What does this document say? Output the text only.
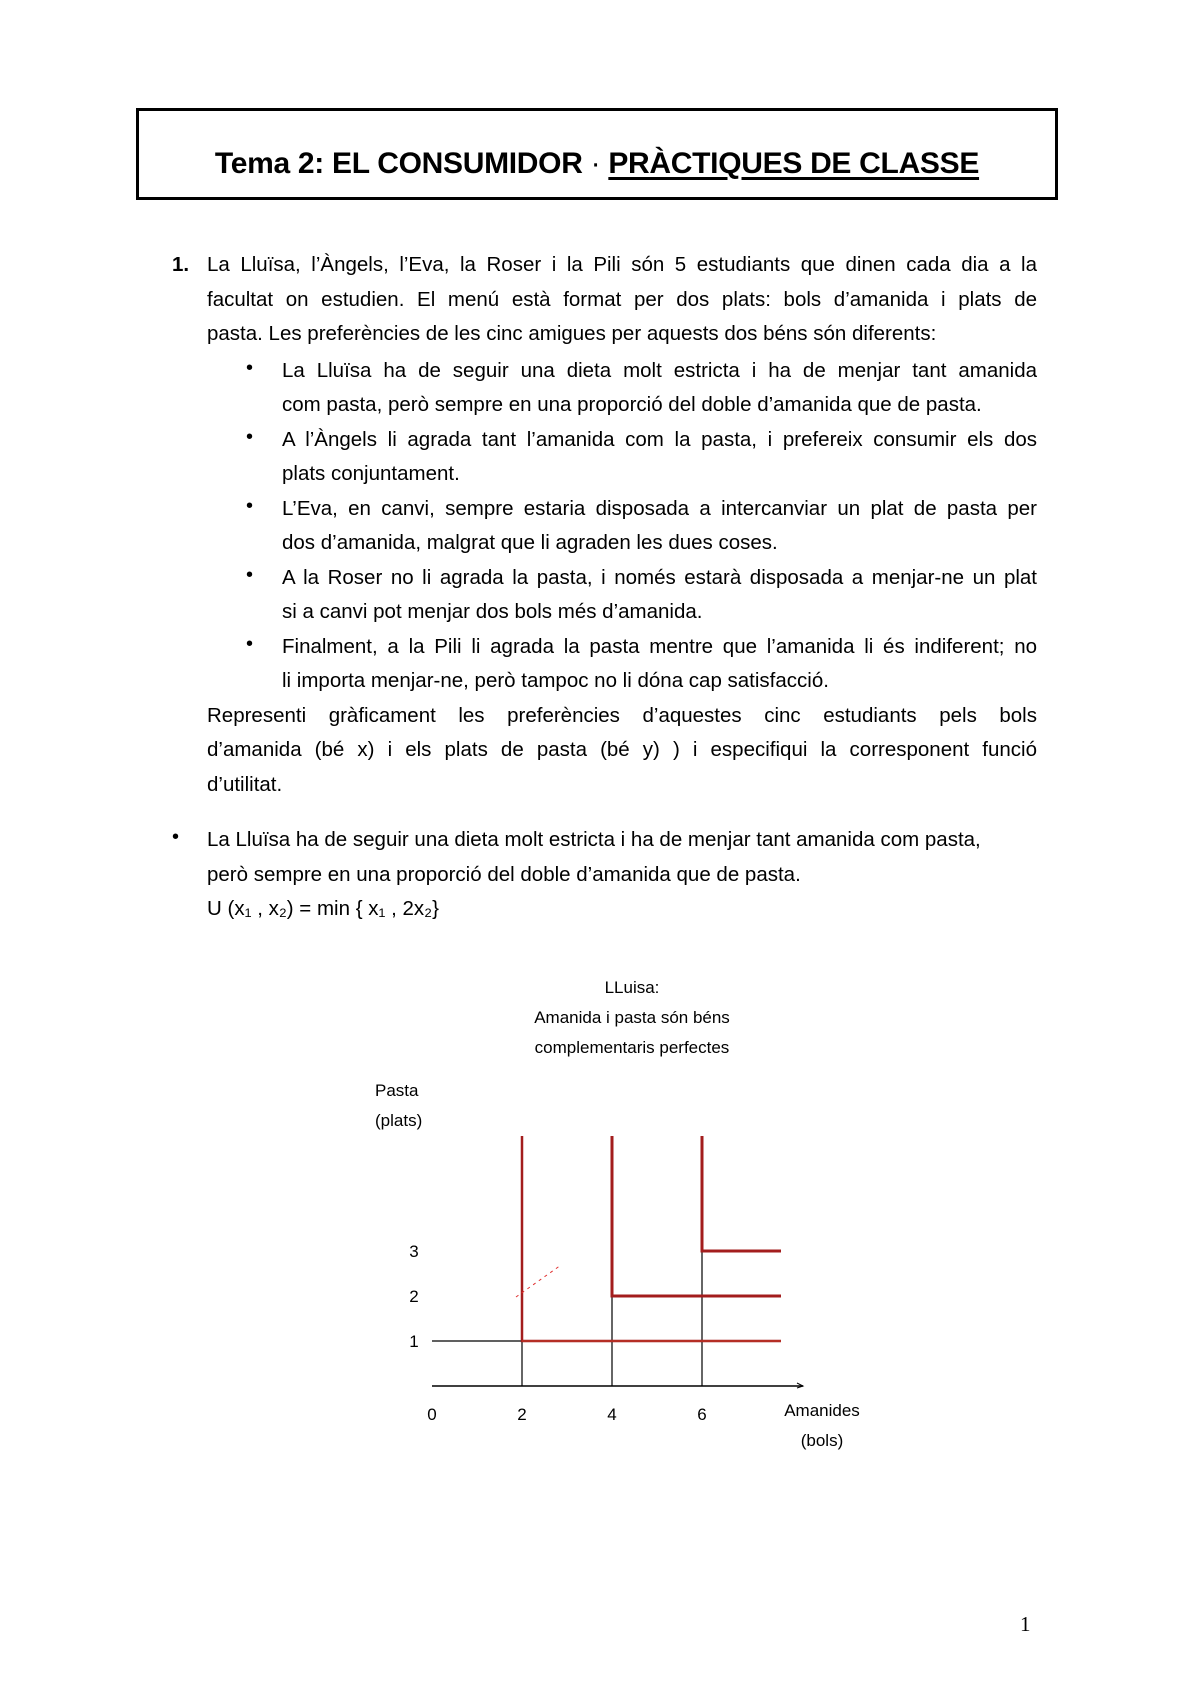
Tema 2: EL CONSUMIDOR · PRÀCTIQUES DE CLASSE
1. La Lluïsa, l’Àngels, l’Eva, la Roser i la Pili són 5 estudiants que dinen cada dia a la
facultat on estudien. El menú està format per dos plats: bols d’amanida i plats de
pasta. Les preferències de les cinc amigues per aquests dos béns són diferents:
• La Lluïsa ha de seguir una dieta molt estricta i ha de menjar tant amanida
com pasta, però sempre en una proporció del doble d’amanida que de pasta.
• A l’Àngels li agrada tant l’amanida com la pasta, i prefereix consumir els dos
plats conjuntament.
• L’Eva, en canvi, sempre estaria disposada a intercanviar un plat de pasta per
dos d’amanida, malgrat que li agraden les dues coses.
• A la Roser no li agrada la pasta, i només estarà disposada a menjar-ne un plat
si a canvi pot menjar dos bols més d’amanida.
• Finalment, a la Pili li agrada la pasta mentre que l’amanida li és indiferent; no
li importa menjar-ne, però tampoc no li dóna cap satisfacció.
Representi gràficament les preferències d’aquestes cinc estudiants pels bols
d’amanida (bé x) i els plats de pasta (bé y) ) i especifiqui la corresponent funció
d’utilitat.
• La Lluïsa ha de seguir una dieta molt estricta i ha de menjar tant amanida com pasta,
però sempre en una proporció del doble d’amanida que de pasta.
U (x₁ , x₂) = min { x₁ , 2x₂}
LLuisa:
Amanida i pasta són béns
complementaris perfectes
Pasta
(plats)
Amanides
(bols)
0	2	4	6
1
2
3
1
